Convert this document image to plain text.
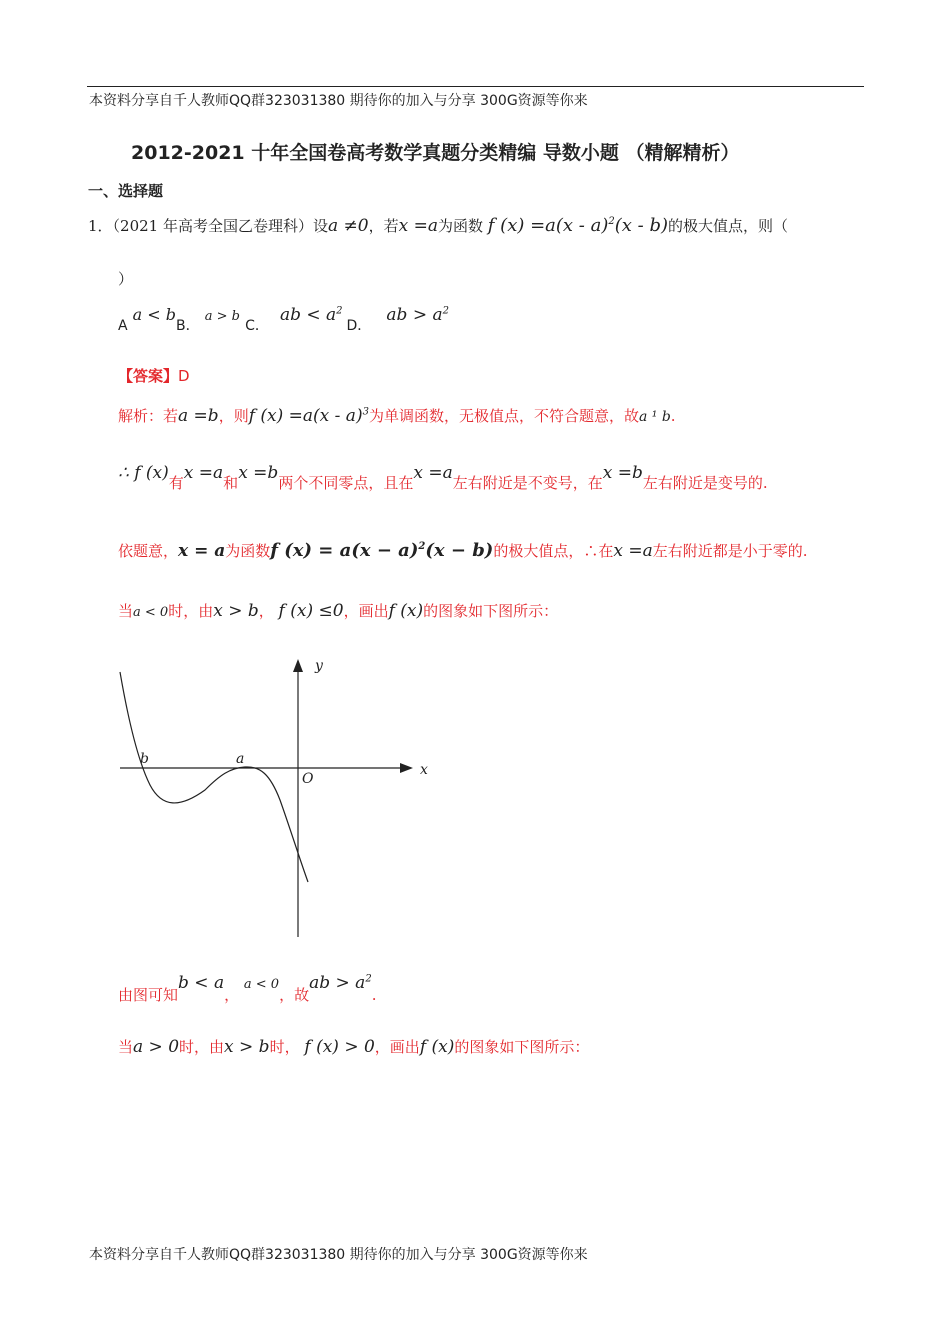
本资料分享自千人教师QQ群323031380 期待你的加入与分享 300G资源等你来
2012-2021 十年全国卷高考数学真题分类精编 导数小题 （精解精析）
一、选择题
1．（2021 年高考全国乙卷理科）设a ≠0，若x =a为函数 f (x) =a(x - a)$^2$(x - b)的极大值点，则（
）
A a < bB． a > b C． ab < $a^2D$． ab > $a^2$
【答案】D
解析：若a =b，则f (x) =a(x - a)$^3$为单调函数，无极值点，不符合题意，故a ¹ b.
∴ f (x)有x =a和x =b两个不同零点，且在x =a左右附近是不变号，在x =b左右附近是变号的.
依题意，x = a为函数f $(x) = a(x - a)^2(x - b)$的极大值点，∴在x =a左右附近都是小于零的.
当a < 0时，由x > b， f (x) ≤0，画出f (x)的图象如下图所示：
y
x
b	a
O
由图可知b < a， a < 0，故ab > $a^2$.
当a > 0时，由x > b时， f (x) > 0，画出f (x)的图象如下图所示：
本资料分享自千人教师QQ群323031380 期待你的加入与分享 300G资源等你来
